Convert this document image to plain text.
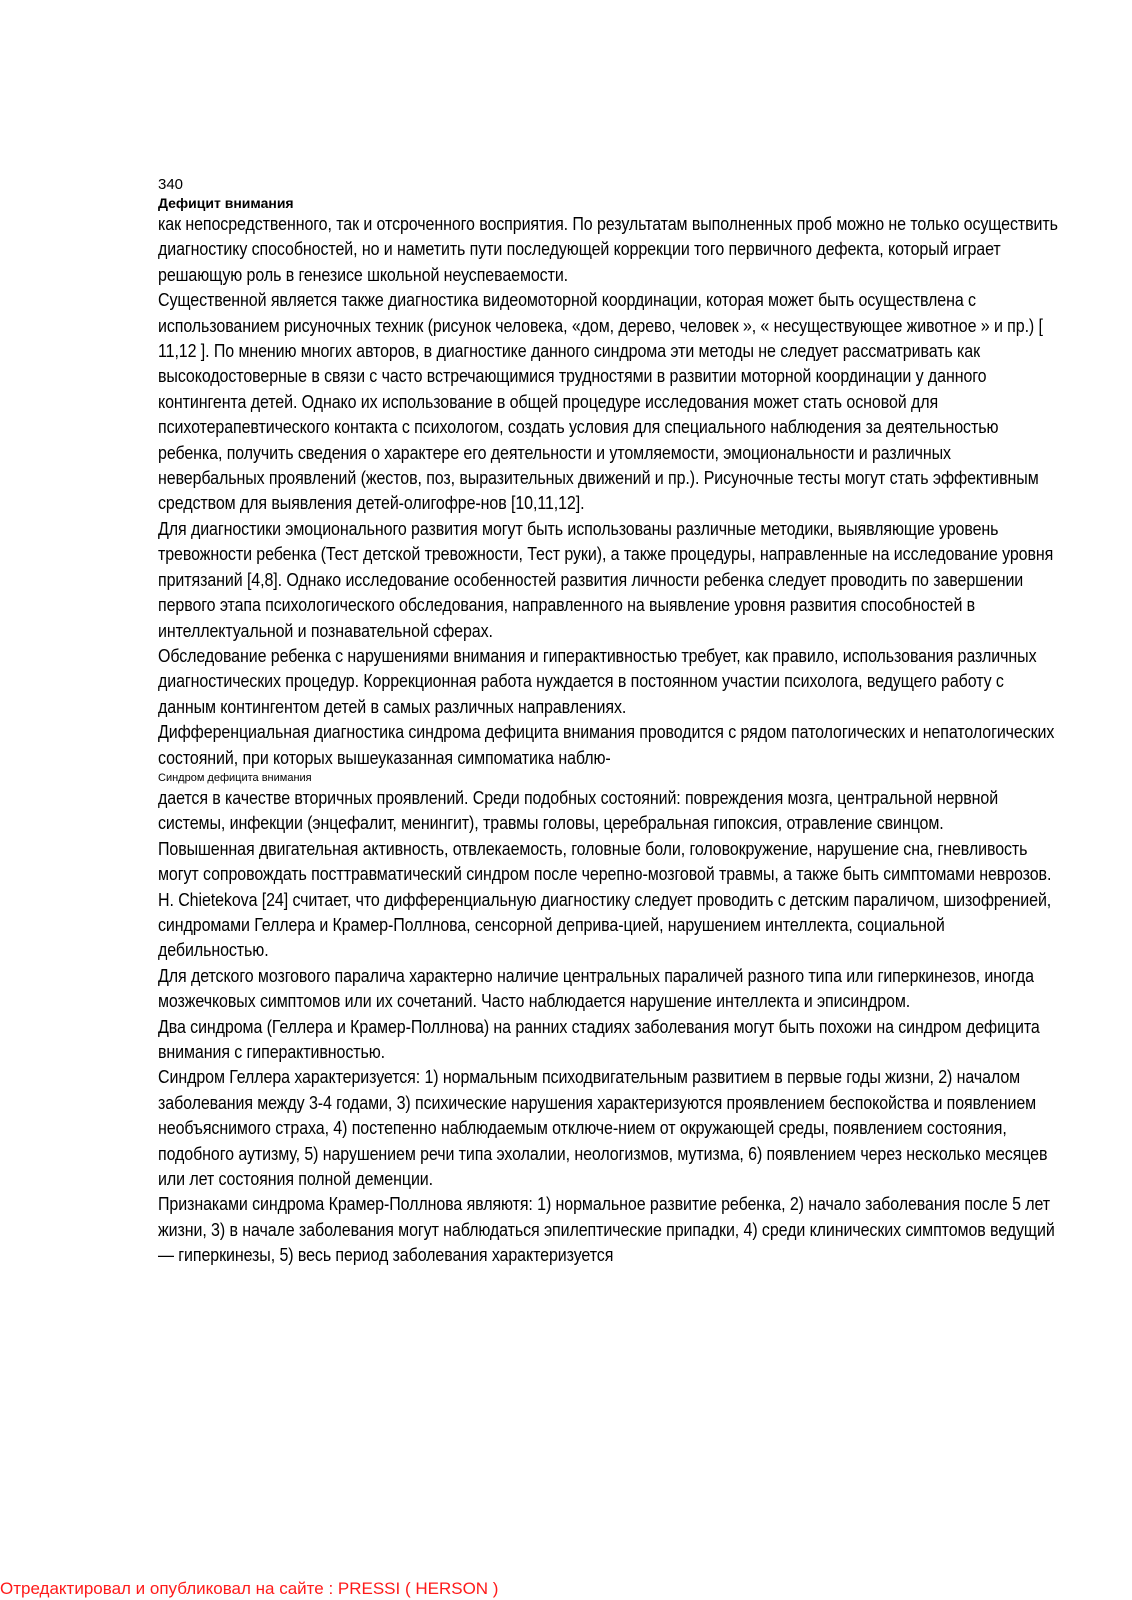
340

Дефицит внимания

как непосредственного, так и отсроченного восприятия. По результатам выполненных проб можно не только осуществить диагностику способностей, но и наметить пути последующей коррекции того первичного дефекта, который играет решающую роль в генезисе школьной неуспеваемости.

Существенной является также диагностика видеомоторной координации, которая может быть осуществлена с использованием рисуночных техник (рисунок человека, «дом, дерево, человек », « несуществующее животное » и пр.) [ 11,12 ]. По мнению многих авторов, в диагностике данного синдрома эти методы не следует рассматривать как высокодостоверные в связи с часто встречающимися трудностями в развитии моторной координации у данного контингента детей. Однако их использование в общей процедуре исследования может стать основой для психотерапевтического контакта с психологом, создать условия для специального наблюдения за деятельностью ребенка, получить сведения о характере его деятельности и утомляемости, эмоциональности и различных невербальных проявлений (жестов, поз, выразительных движений и пр.). Рисуночные тесты могут стать эффективным средством для выявления детей-олигофре-нов [10,11,12].

Для диагностики эмоционального развития могут быть использованы различные методики, выявляющие уровень тревожности ребенка (Тест детской тревожности, Тест руки), а также процедуры, направленные на исследование уровня притязаний [4,8]. Однако исследование особенностей развития личности ребенка следует проводить по завершении первого этапа психологического обследования, направленного на выявление уровня развития способностей в интеллектуальной и познавательной сферах.

Обследование ребенка с нарушениями внимания и гиперактивностью требует, как правило, использования различных диагностических процедур. Коррекционная работа нуждается в постоянном участии психолога, ведущего работу с данным контингентом детей в самых различных направлениях.

Дифференциальная диагностика синдрома дефицита внимания проводится с рядом патологических и непатологических состояний, при которых вышеуказанная симпоматика наблю-

Синдром дефицита внимания

дается в качестве вторичных проявлений. Среди подобных состояний: повреждения мозга, центральной нервной системы, инфекции (энцефалит, менингит), травмы головы, церебральная гипоксия, отравление свинцом.

Повышенная двигательная активность, отвлекаемость, головные боли, головокружение, нарушение сна, гневливость могут сопровождать посттравматический синдром после черепно-мозговой травмы, а также быть симптомами неврозов.

H. Chietekova [24] считает, что дифференциальную диагностику следует проводить с детским параличом, шизофренией, синдромами Геллера и Крамер-Поллнова, сенсорной деприва-цией, нарушением интеллекта, социальной дебильностью.

Для детского мозгового паралича характерно наличие центральных параличей разного типа или гиперкинезов, иногда мозжечковых симптомов или их сочетаний. Часто наблюдается нарушение интеллекта и эписиндром.

Два синдрома (Геллера и Крамер-Поллнова) на ранних стадиях заболевания могут быть похожи на синдром дефицита внимания с гиперактивностью.

Синдром Геллера характеризуется: 1) нормальным психодвигательным развитием в первые годы жизни, 2) началом заболевания между 3-4 годами, 3) психические нарушения характеризуются проявлением беспокойства и появлением необъяснимого страха, 4) постепенно наблюдаемым отключе-нием от окружающей среды, появлением состояния, подобного аутизму, 5) нарушением речи типа эхолалии, неологизмов, мутизма, 6) появлением через несколько месяцев или лет состояния полной деменции.

Признаками синдрома Крамер-Поллнова являютя: 1) нормальное развитие ребенка, 2) начало заболевания после 5 лет жизни, 3) в начале заболевания могут наблюдаться эпилептические припадки, 4) среди клинических симптомов ведущий — гиперкинезы, 5) весь период заболевания характеризуется

Отредактировал и опубликовал на сайте : PRESSI ( HERSON )
